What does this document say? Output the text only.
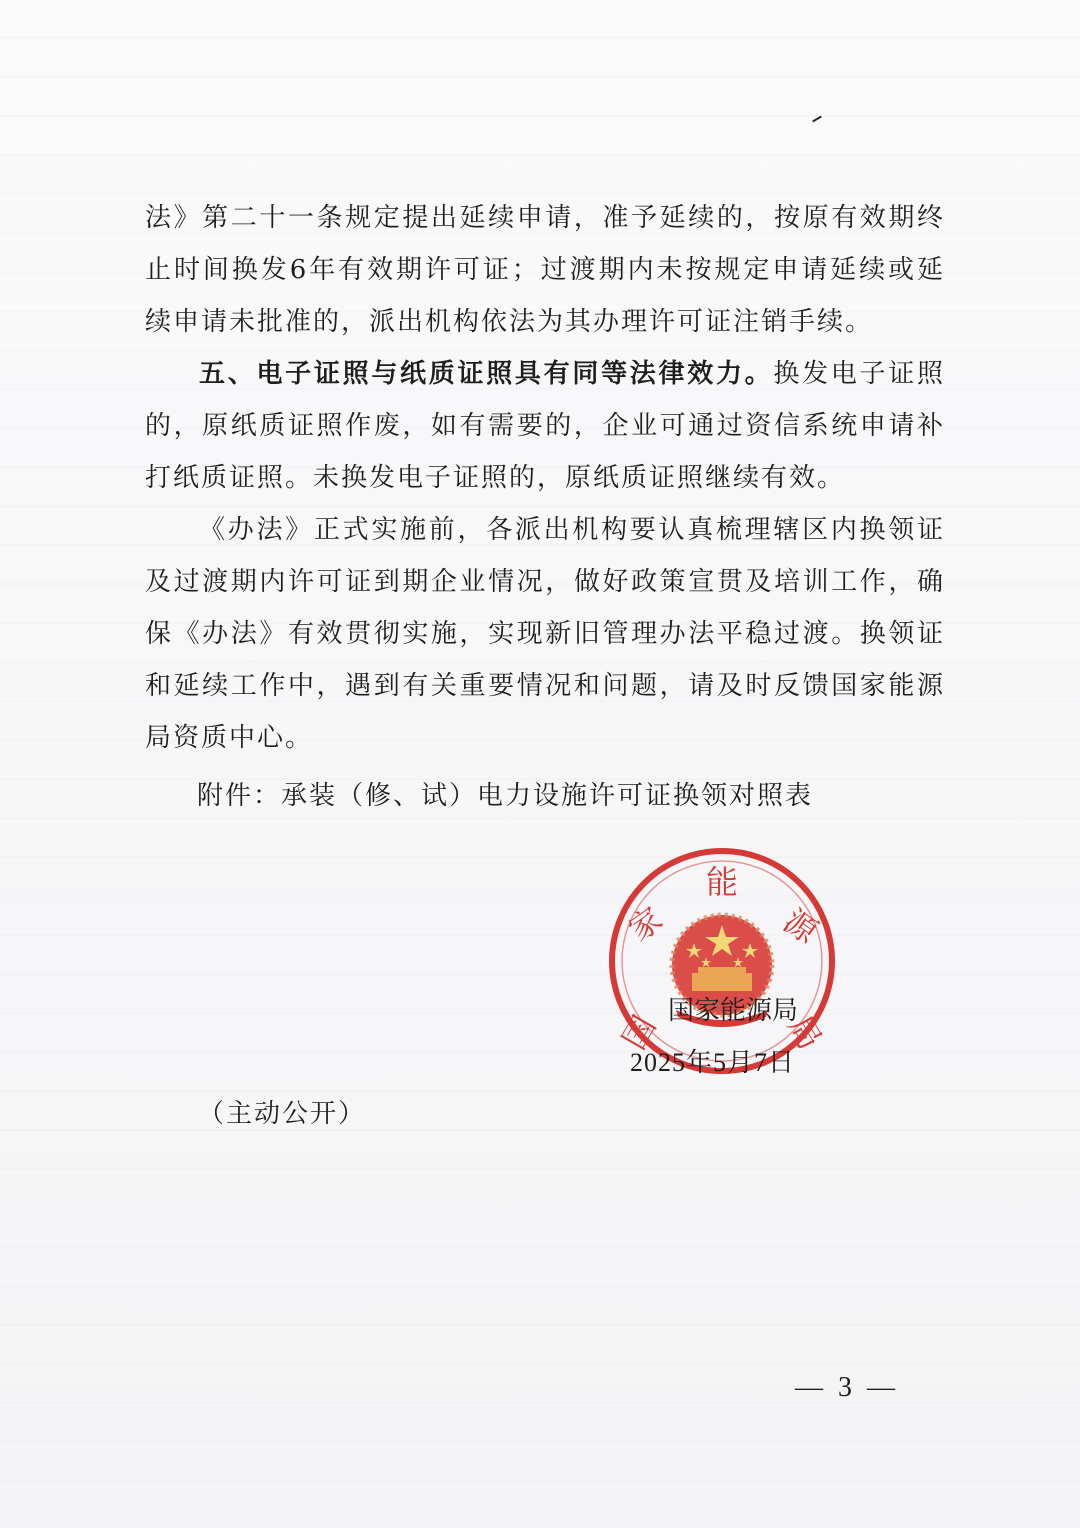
法》第二十一条规定提出延续申请，准予延续的，按原有效期终止时间换发6年有效期许可证；过渡期内未按规定申请延续或延续申请未批准的，派出机构依法为其办理许可证注销手续。

五、电子证照与纸质证照具有同等法律效力。换发电子证照的，原纸质证照作废，如有需要的，企业可通过资信系统申请补打纸质证照。未换发电子证照的，原纸质证照继续有效。

《办法》正式实施前，各派出机构要认真梳理辖区内换领证及过渡期内许可证到期企业情况，做好政策宣贯及培训工作，确保《办法》有效贯彻实施，实现新旧管理办法平稳过渡。换领证和延续工作中，遇到有关重要情况和问题，请及时反馈国家能源局资质中心。

附件：承装（修、试）电力设施许可证换领对照表
国
家
能
源
局
国家能源局
2025年5月7日
（主动公开）
— 3 —
